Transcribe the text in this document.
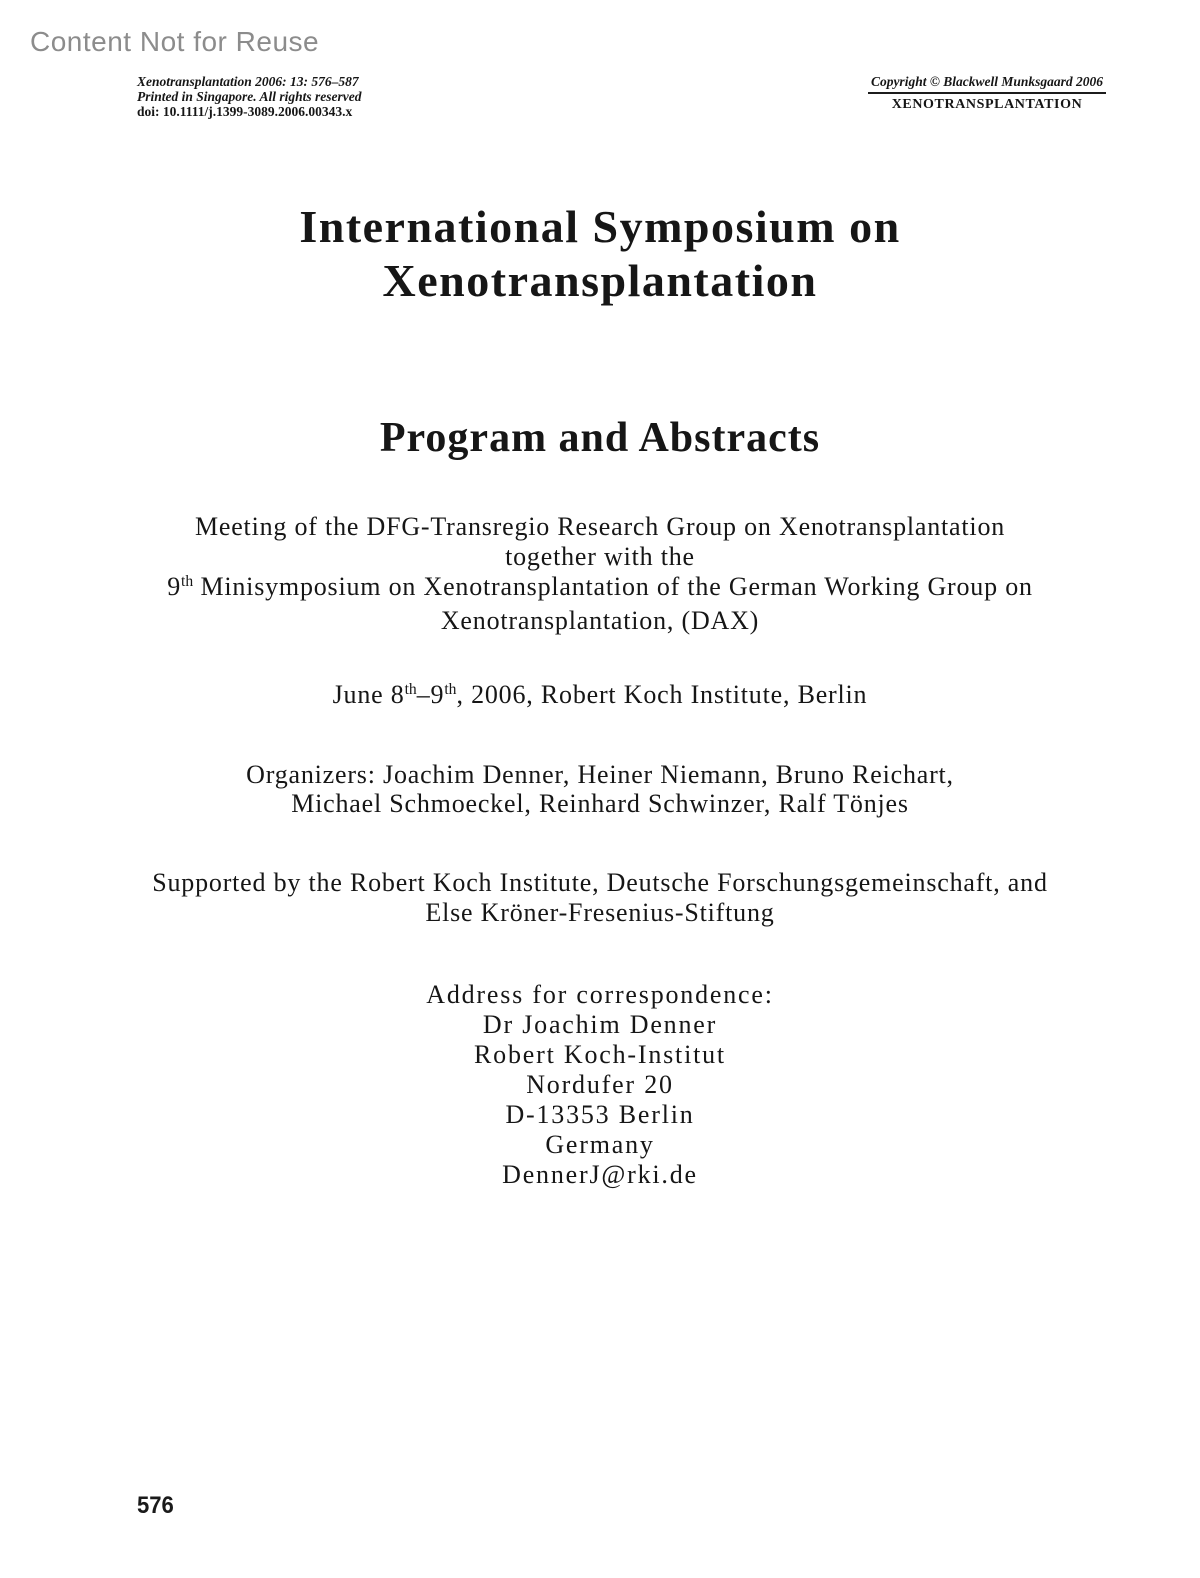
Content Not for Reuse
Xenotransplantation 2006: 13: 576–587
Printed in Singapore. All rights reserved
doi: 10.1111/j.1399-3089.2006.00343.x
Copyright © Blackwell Munksgaard 2006
XENOTRANSPLANTATION
International Symposium on
Xenotransplantation
Program and Abstracts
Meeting of the DFG-Transregio Research Group on Xenotransplantation
together with the
9th Minisymposium on Xenotransplantation of the German Working Group on
Xenotransplantation, (DAX)
June 8th–9th, 2006, Robert Koch Institute, Berlin
Organizers: Joachim Denner, Heiner Niemann, Bruno Reichart,
Michael Schmoeckel, Reinhard Schwinzer, Ralf Tönjes
Supported by the Robert Koch Institute, Deutsche Forschungsgemeinschaft, and
Else Kröner-Fresenius-Stiftung
Address for correspondence:
Dr Joachim Denner
Robert Koch-Institut
Nordufer 20
D-13353 Berlin
Germany
DennerJ@rki.de
576
